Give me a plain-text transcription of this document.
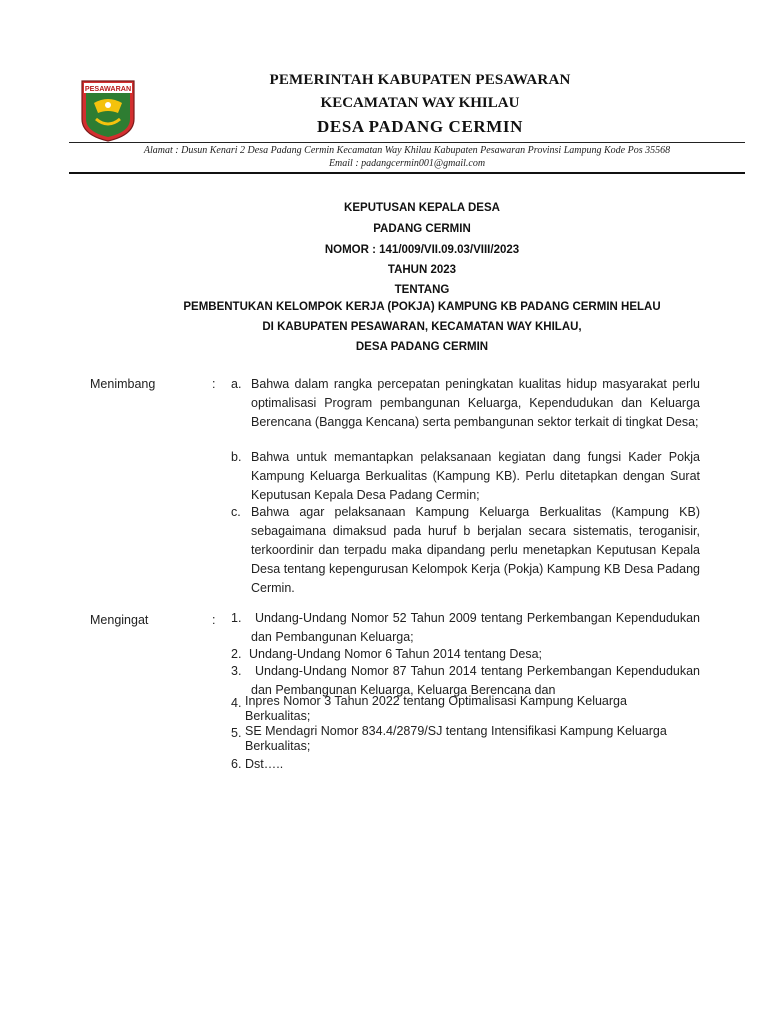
PESAWARAN
PEMERINTAH KABUPATEN PESAWARAN
KECAMATAN WAY KHILAU
DESA PADANG CERMIN
Alamat : Dusun Kenari 2 Desa Padang Cermin Kecamatan Way Khilau Kabupaten Pesawaran Provinsi Lampung Kode Pos 35568
Email : padangcermin001@gmail.com
KEPUTUSAN KEPALA DESA
PADANG CERMIN
NOMOR : 141/009/VII.09.03/VIII/2023
TAHUN 2023
TENTANG
PEMBENTUKAN KELOMPOK KERJA (POKJA) KAMPUNG KB PADANG CERMIN HELAU
DI KABUPATEN PESAWARAN, KECAMATAN WAY KHILAU,
DESA PADANG CERMIN
Menimbang	: a. Bahwa dalam rangka percepatan peningkatan kualitas hidup masyarakat perlu optimalisasi Program pembangunan Keluarga, Kependudukan dan Keluarga Berencana (Bangga Kencana) serta pembangunan sektor terkait di tingkat Desa;
b. Bahwa untuk memantapkan pelaksanaan kegiatan dang fungsi Kader Pokja Kampung Keluarga Berkualitas (Kampung KB). Perlu ditetapkan dengan Surat Keputusan Kepala Desa Padang Cermin;
c. Bahwa agar pelaksanaan Kampung Keluarga Berkualitas (Kampung KB) sebagaimana dimaksud pada huruf b berjalan secara sistematis, teroganisir, terkoordinir dan terpadu maka dipandang perlu menetapkan Keputusan Kepala Desa tentang kepengurusan Kelompok Kerja (Pokja) Kampung KB Desa Padang Cermin.
Mengingat	: 1.	Undang-Undang Nomor 52 Tahun 2009 tentang Perkembangan Kependudukan dan Pembangunan Keluarga;
2. Undang-Undang Nomor 6 Tahun 2014 tentang Desa;
3.	Undang-Undang Nomor 87 Tahun 2014 tentang Perkembangan Kependudukan dan Pembangunan Keluarga, Keluarga Berencana dan
4. Inpres Nomor 3 Tahun 2022 tentang Optimalisasi Kampung Keluarga Berkualitas;
5. SE Mendagri Nomor 834.4/2879/SJ tentang Intensifikasi Kampung Keluarga Berkualitas;
6. Dst…..
